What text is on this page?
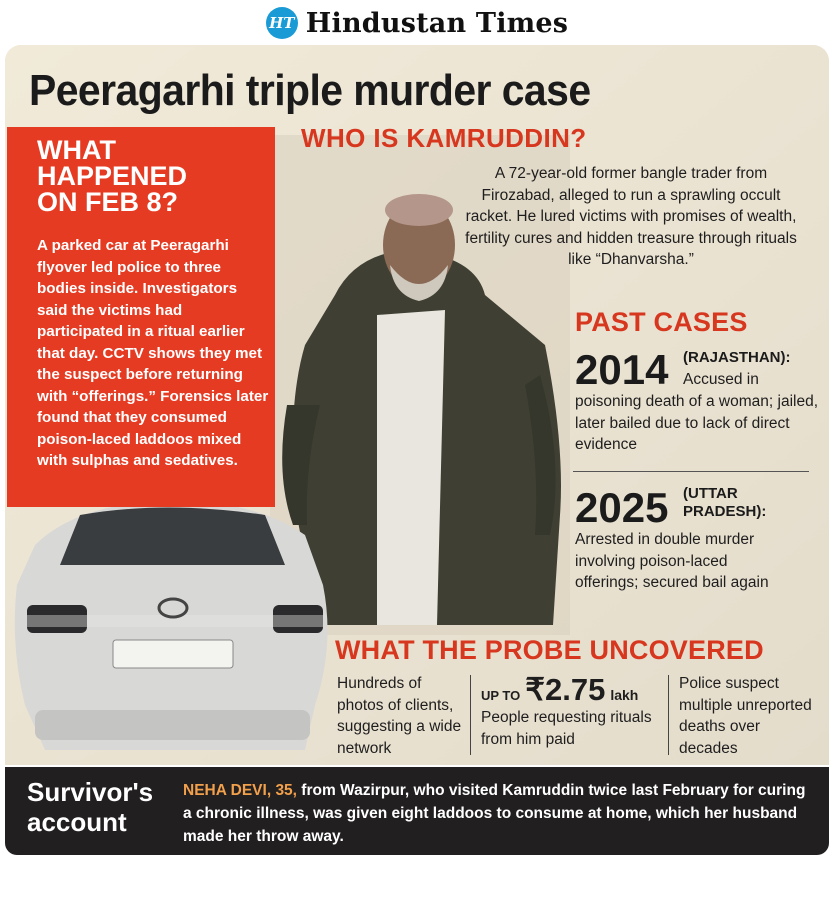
HT Hindustan Times
Peeragarhi triple murder case
WHAT
HAPPENED
ON FEB 8?
A parked car at Peeragarhi flyover led police to three bodies inside. Investigators said the victims had participated in a ritual earlier that day. CCTV shows they met the suspect before returning with “offerings.” Forensics later found that they consumed poison-laced laddoos mixed with sulphas and sedatives.
WHO IS KAMRUDDIN?
A 72-year-old former bangle trader from Firozabad, alleged to run a sprawling occult racket. He lured victims with promises of wealth, fertility cures and hidden treasure through rituals like “Dhanvarsha.”
PAST CASES
2014 (RAJASTHAN):
Accused in
poisoning death of a woman; jailed, later bailed due to lack of direct evidence
2025 (UTTAR PRADESH):
Arrested in double murder involving poison-laced offerings; secured bail again
WHAT THE PROBE UNCOVERED
Hundreds of photos of clients, suggesting a wide network
UP TO ₹2.75 lakh
People requesting rituals from him paid
Police suspect multiple unreported deaths over decades
Survivor's
account
NEHA DEVI, 35, from Wazirpur, who visited Kamruddin twice last February for curing a chronic illness, was given eight laddoos to consume at home, which her husband made her throw away.
